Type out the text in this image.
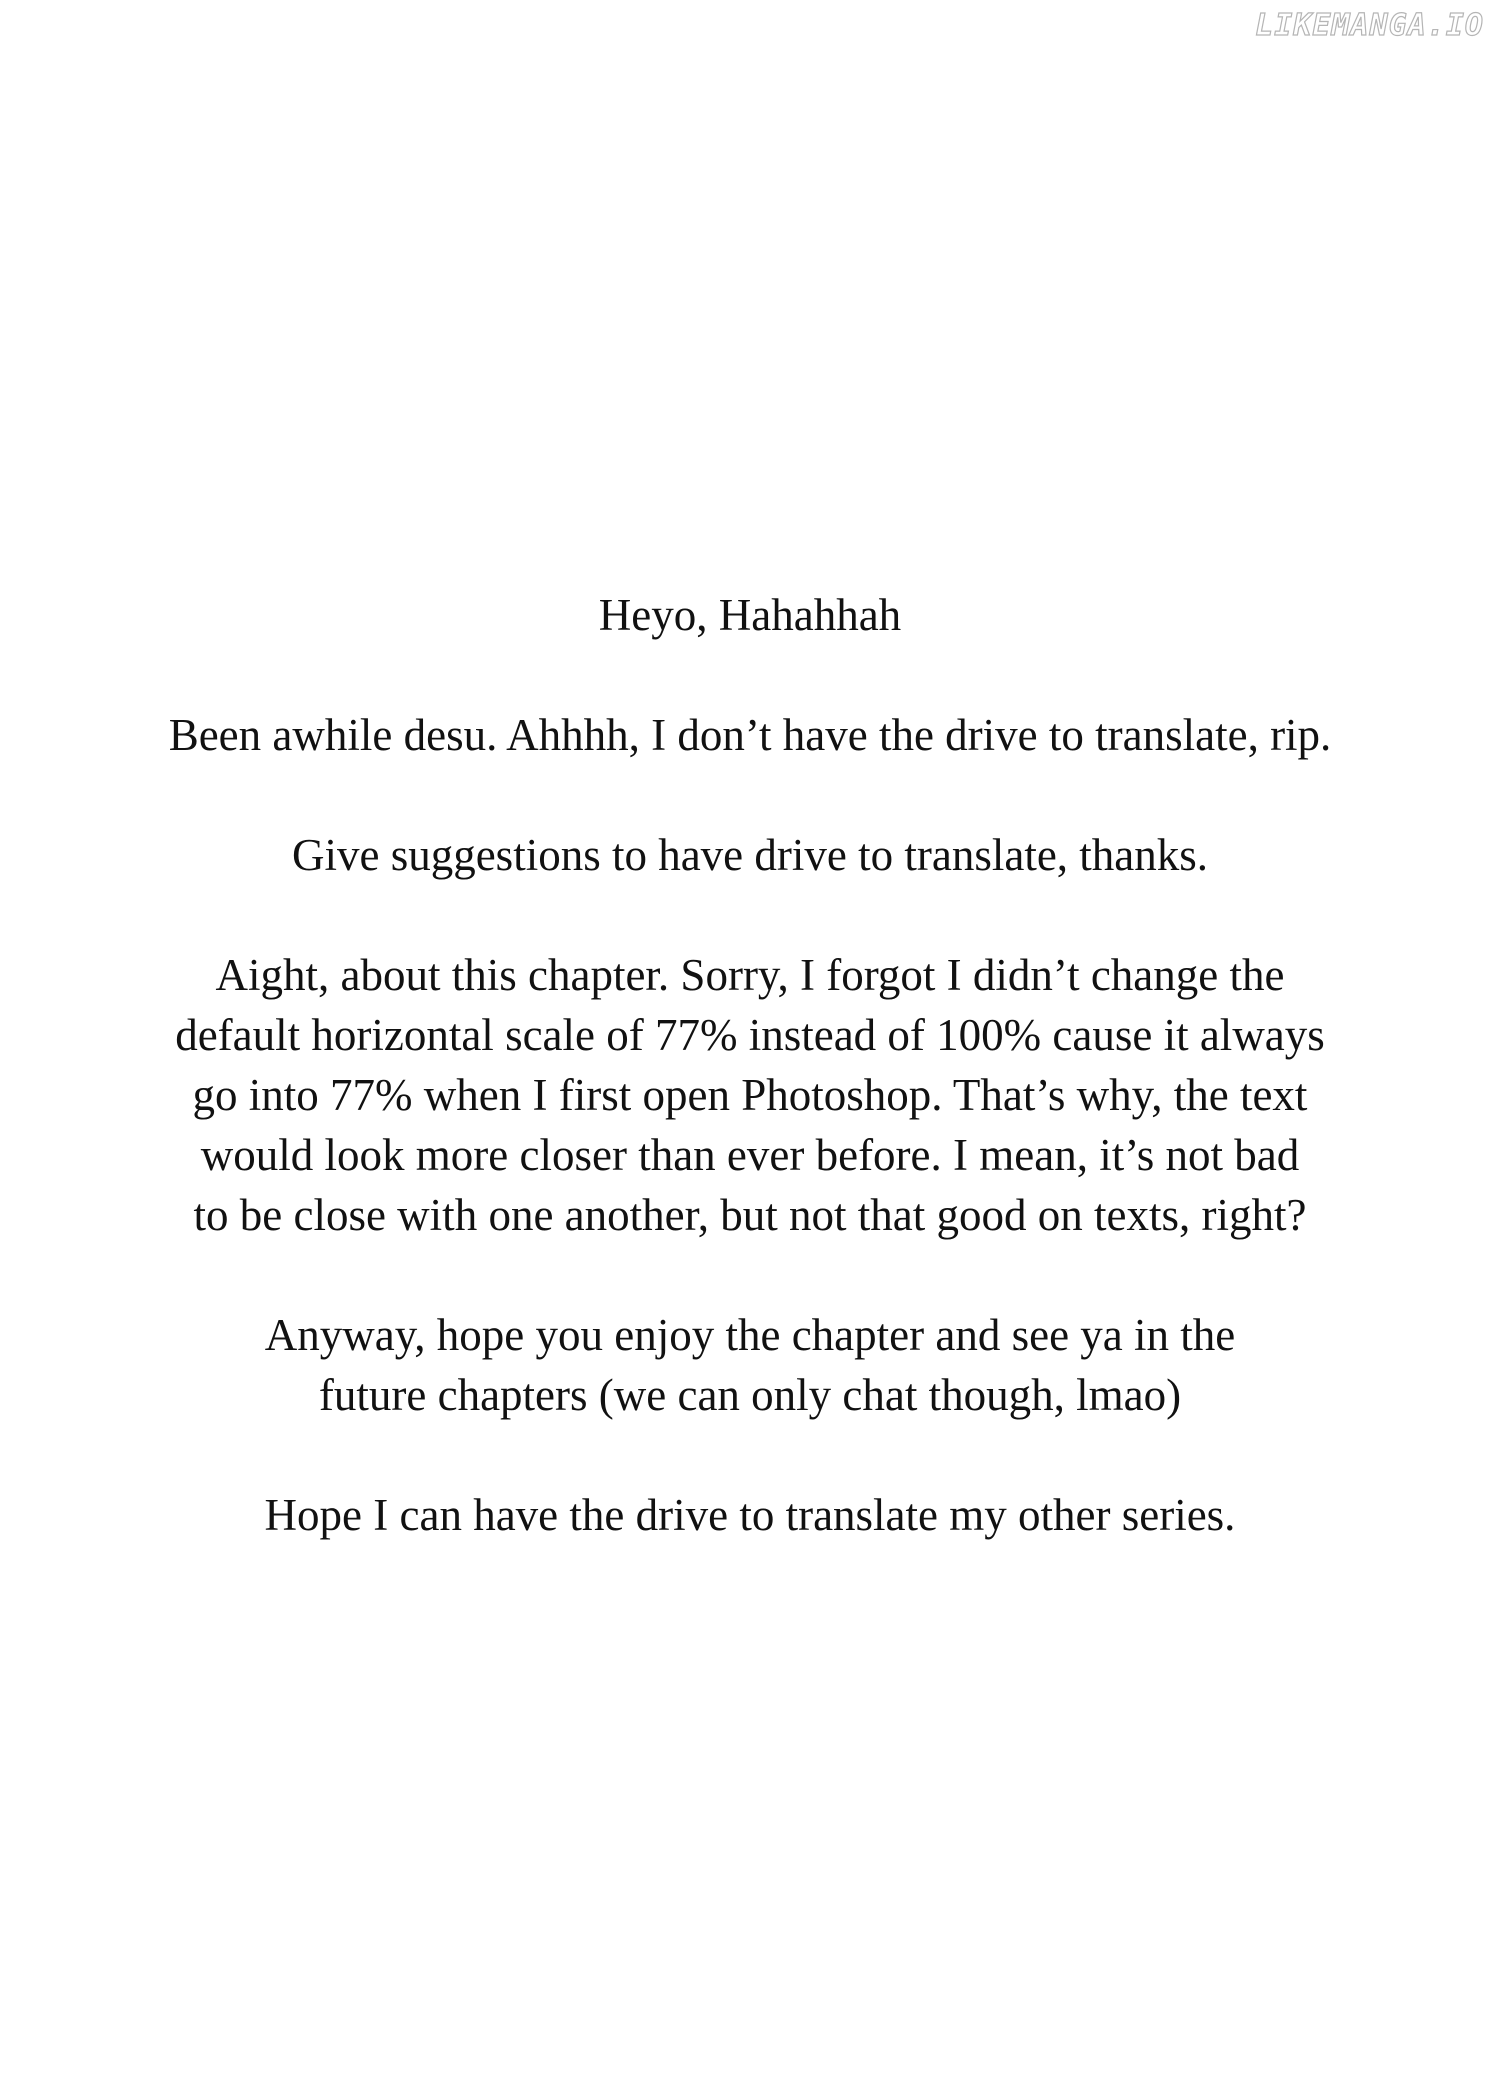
LIKEMANGA.IO

Heyo, Hahahhah

Been awhile desu. Ahhhh, I don’t have the drive to translate, rip.

Give suggestions to have drive to translate, thanks.

Aight, about this chapter. Sorry, I forgot I didn’t change the
default horizontal scale of 77% instead of 100% cause it always
go into 77% when I first open Photoshop. That’s why, the text
would look more closer than ever before. I mean, it’s not bad
to be close with one another, but not that good on texts, right?

Anyway, hope you enjoy the chapter and see ya in the
future chapters (we can only chat though, lmao)

Hope I can have the drive to translate my other series.
